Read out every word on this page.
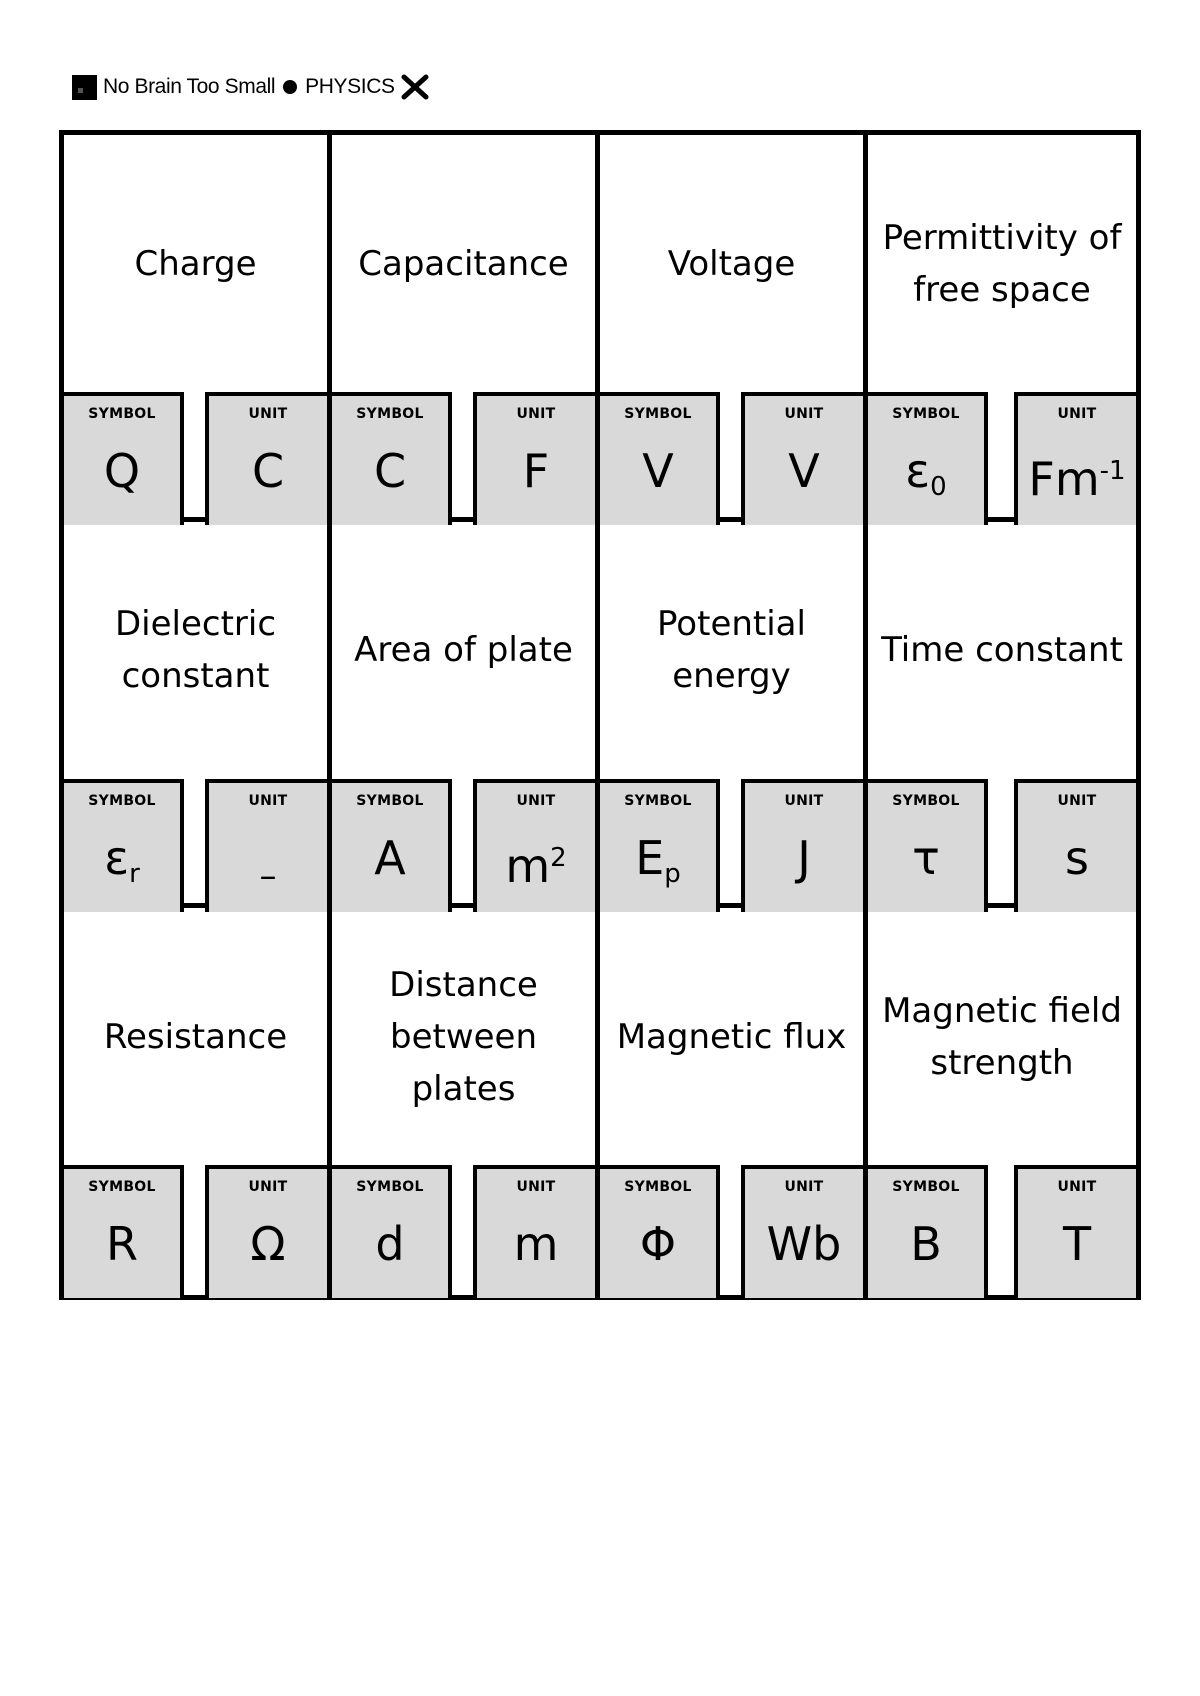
No Brain Too Small PHYSICS
Charge
SYMBOL
Q
UNIT
C
Capacitance
SYMBOL
C
UNIT
F
Voltage
SYMBOL
V
UNIT
V
Permittivity of free space
SYMBOL
$\varepsilon_0$
UNIT
$Fm^{-1}$
Dielectric constant
SYMBOL
$\varepsilon_r$
UNIT
–
Area of plate
SYMBOL
A
UNIT
$m^2$
Potential energy
SYMBOL
$E_p$
UNIT
J
Time constant
SYMBOL
τ
UNIT
s
Resistance
SYMBOL
R
UNIT
Ω
Distance between plates
SYMBOL
d
UNIT
m
Magnetic flux
SYMBOL
Φ
UNIT
Wb
Magnetic field strength
SYMBOL
B
UNIT
T
